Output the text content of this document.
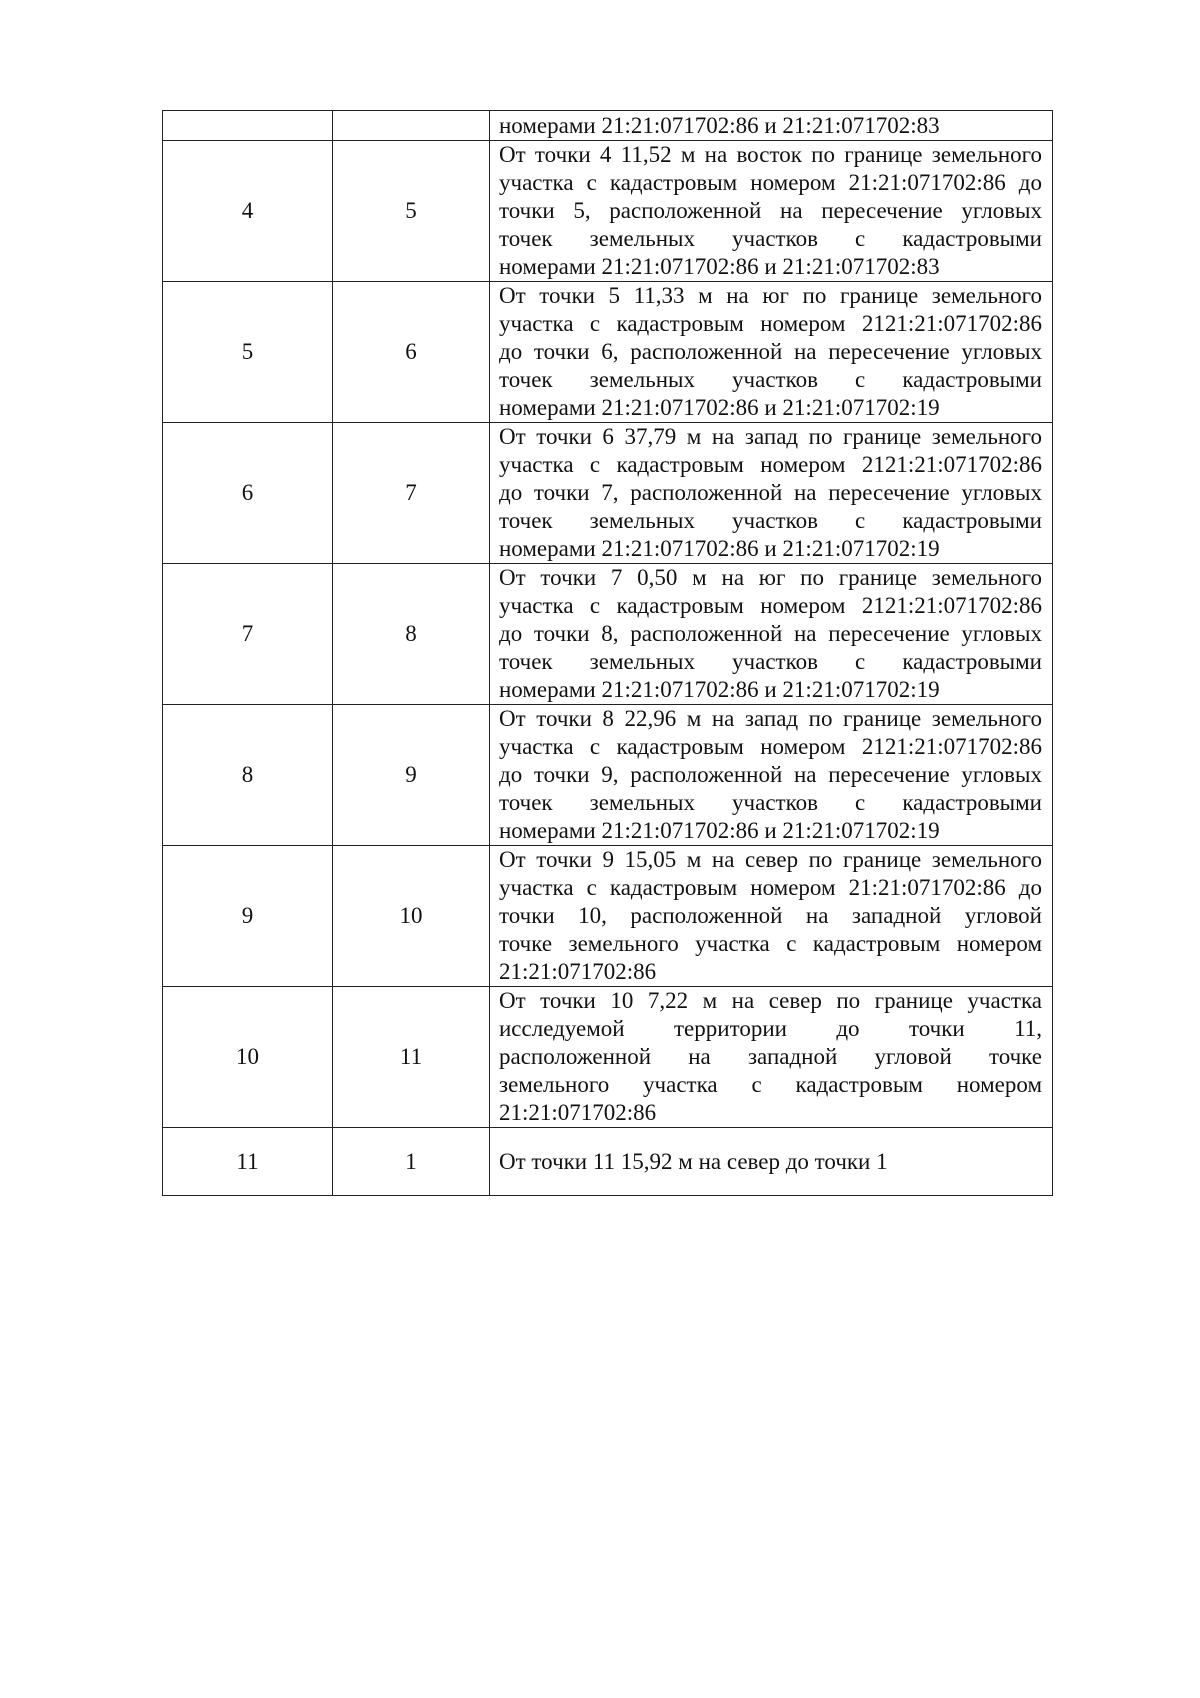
		номерами 21:21:071702:86 и 21:21:071702:83

4	5	От точки 4 11,52 м на восток по границе земельного
участка с кадастровым номером 21:21:071702:86 до
точки 5, расположенной на пересечение угловых
точек земельных участков с кадастровыми
номерами 21:21:071702:86 и 21:21:071702:83

5	6	От точки 5 11,33 м на юг по границе земельного
участка с кадастровым номером 2121:21:071702:86
до точки 6, расположенной на пересечение угловых
точек земельных участков с кадастровыми
номерами 21:21:071702:86 и 21:21:071702:19

6	7	От точки 6 37,79 м на запад по границе земельного
участка с кадастровым номером 2121:21:071702:86
до точки 7, расположенной на пересечение угловых
точек земельных участков с кадастровыми
номерами 21:21:071702:86 и 21:21:071702:19

7	8	От точки 7 0,50 м на юг по границе земельного
участка с кадастровым номером 2121:21:071702:86
до точки 8, расположенной на пересечение угловых
точек земельных участков с кадастровыми
номерами 21:21:071702:86 и 21:21:071702:19

8	9	От точки 8 22,96 м на запад по границе земельного
участка с кадастровым номером 2121:21:071702:86
до точки 9, расположенной на пересечение угловых
точек земельных участков с кадастровыми
номерами 21:21:071702:86 и 21:21:071702:19

9	10	От точки 9 15,05 м на север по границе земельного
участка с кадастровым номером 21:21:071702:86 до
точки 10, расположенной на западной угловой
точке земельного участка с кадастровым номером
21:21:071702:86

10	11	От точки 10 7,22 м на север по границе участка
исследуемой территории до точки 11,
расположенной на западной угловой точке
земельного участка с кадастровым номером
21:21:071702:86

11	1	От точки 11 15,92 м на север до точки 1
